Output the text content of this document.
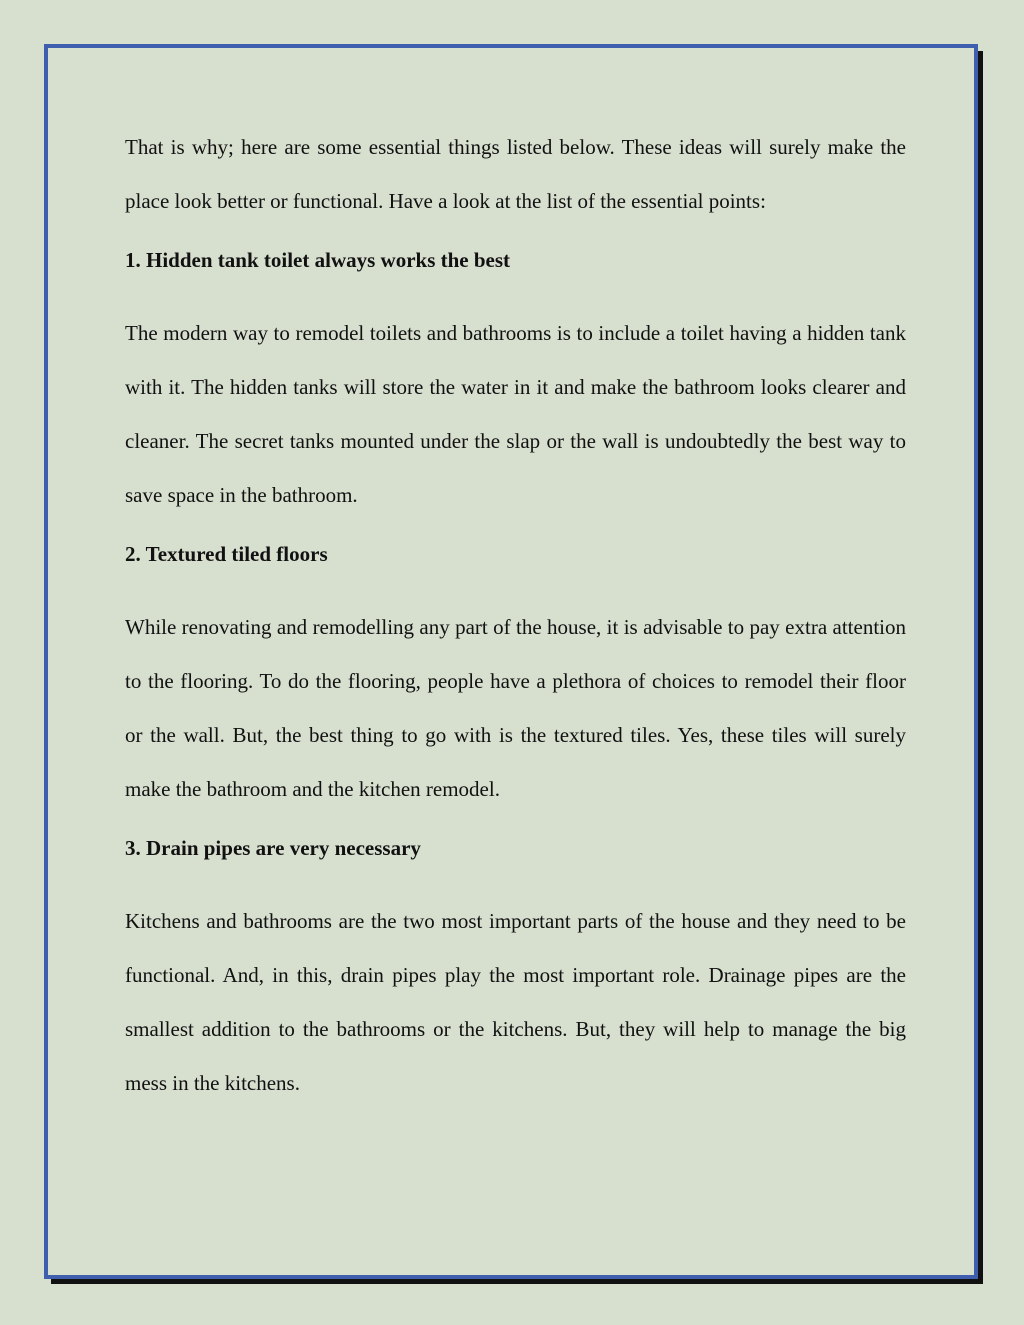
That is why; here are some essential things listed below. These ideas will surely make the place look better or functional. Have a look at the list of the essential points:

1. Hidden tank toilet always works the best

The modern way to remodel toilets and bathrooms is to include a toilet having a hidden tank with it. The hidden tanks will store the water in it and make the bathroom looks clearer and cleaner. The secret tanks mounted under the slap or the wall is undoubtedly the best way to save space in the bathroom.

2. Textured tiled floors

While renovating and remodelling any part of the house, it is advisable to pay extra attention to the flooring. To do the flooring, people have a plethora of choices to remodel their floor or the wall. But, the best thing to go with is the textured tiles. Yes, these tiles will surely make the bathroom and the kitchen remodel.

3. Drain pipes are very necessary

Kitchens and bathrooms are the two most important parts of the house and they need to be functional. And, in this, drain pipes play the most important role. Drainage pipes are the smallest addition to the bathrooms or the kitchens. But, they will help to manage the big mess in the kitchens.
